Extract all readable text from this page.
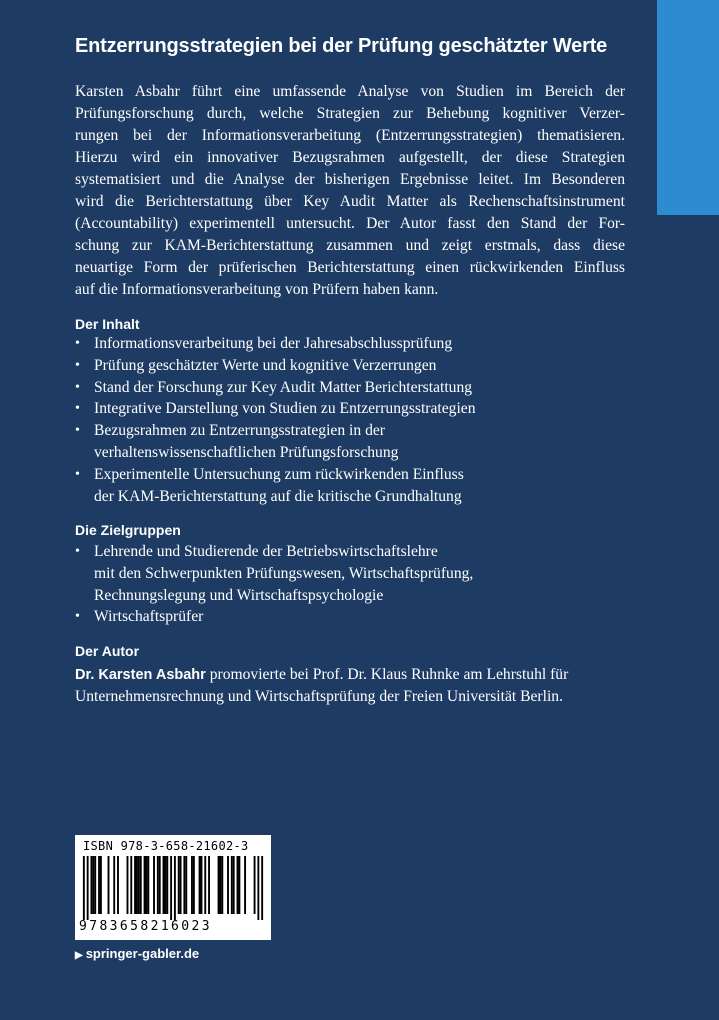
Entzerrungsstrategien bei der Prüfung geschätzter Werte
Karsten Asbahr führt eine umfassende Analyse von Studien im Bereich der
Prüfungsforschung durch, welche Strategien zur Behebung kognitiver Verzer-
rungen bei der Informationsverarbeitung (Entzerrungsstrategien) thematisieren.
Hierzu wird ein innovativer Bezugsrahmen aufgestellt, der diese Strategien
systematisiert und die Analyse der bisherigen Ergebnisse leitet. Im Besonderen
wird die Berichterstattung über Key Audit Matter als Rechenschaftsinstrument
(Accountability) experimentell untersucht. Der Autor fasst den Stand der For-
schung zur KAM-Berichterstattung zusammen und zeigt erstmals, dass diese
neuartige Form der prüferischen Berichterstattung einen rückwirkenden Einfluss
auf die Informationsverarbeitung von Prüfern haben kann.
Der Inhalt
• Informationsverarbeitung bei der Jahresabschlussprüfung
• Prüfung geschätzter Werte und kognitive Verzerrungen
• Stand der Forschung zur Key Audit Matter Berichterstattung
• Integrative Darstellung von Studien zu Entzerrungsstrategien
• Bezugsrahmen zu Entzerrungsstrategien in der
verhaltenswissenschaftlichen Prüfungsforschung
• Experimentelle Untersuchung zum rückwirkenden Einfluss
der KAM-Berichterstattung auf die kritische Grundhaltung
Die Zielgruppen
• Lehrende und Studierende der Betriebswirtschaftslehre
mit den Schwerpunkten Prüfungswesen, Wirtschaftsprüfung,
Rechnungslegung und Wirtschaftspsychologie
• Wirtschaftsprüfer
Der Autor
Dr. Karsten Asbahr promovierte bei Prof. Dr. Klaus Ruhnke am Lehrstuhl für
Unternehmensrechnung und Wirtschaftsprüfung der Freien Universität Berlin.
ISBN 978-3-658-21602-3
9783658216023
▶ springer-gabler.de
